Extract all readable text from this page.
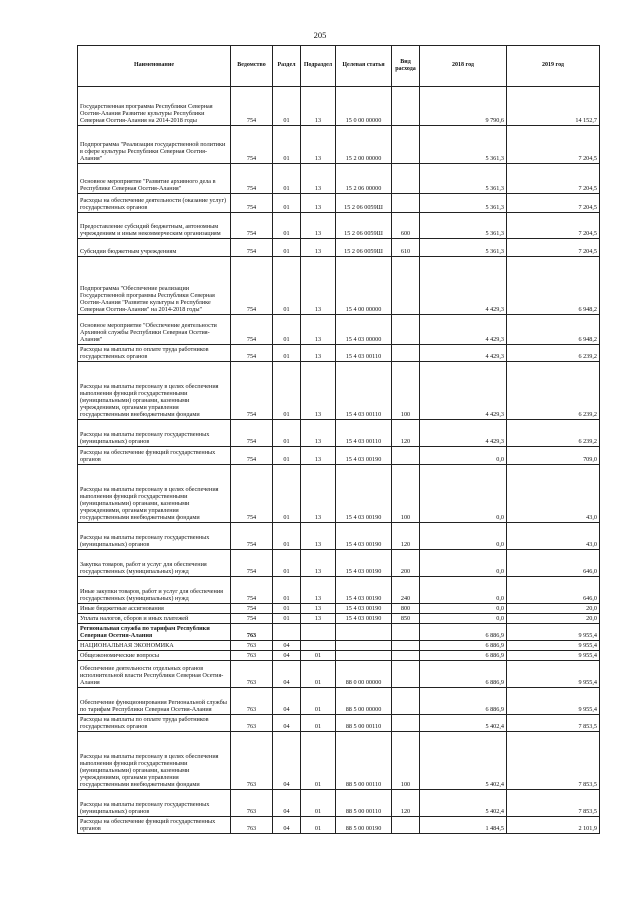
205
Наименование	Ведомство	Раздел	Подраздел	Целевая статья	Вид расхода	2018 год	2019 год
Государственная программа Республики Северная Осетия-Алания Развитие культуры Республики Северная Осетия-Алания на 2014-2018 годы	754	01	13	15 0 00 00000		9 790,6	14 152,7
Подпрограмма "Реализация государственной политики в сфере культуры Республики Северная Осетия-Алания"	754	01	13	15 2 00 00000		5 361,3	7 204,5
Основное мероприятие "Развитие архивного дела в Республике Северная Осетия-Алания"	754	01	13	15 2 06 00000		5 361,3	7 204,5
Расходы на обеспечение деятельности (оказание услуг) государственных органов	754	01	13	15 2 06 0059Ш		5 361,3	7 204,5
Предоставление субсидий бюджетным, автономным учреждениям и иным некоммерческим организациям	754	01	13	15 2 06 0059Ш	600	5 361,3	7 204,5
Субсидии бюджетным учреждениям	754	01	13	15 2 06 0059Ш	610	5 361,3	7 204,5
Подпрограмма "Обеспечение реализации Государственной программы Республики Северная Осетия-Алания "Развитие культуры в Республике Северная Осетия-Алания" на 2014-2018 годы"	754	01	13	15 4 00 00000		4 429,3	6 948,2
Основное мероприятие "Обеспечение деятельности Архивной службы Республики Северная Осетия-Алания"	754	01	13	15 4 03 00000		4 429,3	6 948,2
Расходы на выплаты по оплате труда работников государственных органов	754	01	13	15 4 03 00110		4 429,3	6 239,2
Расходы на выплаты персоналу в целях обеспечения выполнения функций государственными (муниципальными) органами, казенными учреждениями, органами управления государственными внебюджетными фондами	754	01	13	15 4 03 00110	100	4 429,3	6 239,2
Расходы на выплаты персоналу государственных (муниципальных) органов	754	01	13	15 4 03 00110	120	4 429,3	6 239,2
Расходы на обеспечение функций государственных органов	754	01	13	15 4 03 00190		0,0	709,0
Расходы на выплаты персоналу в целях обеспечения выполнения функций государственными (муниципальными) органами, казенными учреждениями, органами управления государственными внебюджетными фондами	754	01	13	15 4 03 00190	100	0,0	43,0
Расходы на выплаты персоналу государственных (муниципальных) органов	754	01	13	15 4 03 00190	120	0,0	43,0
Закупка товаров, работ и услуг для обеспечения государственных (муниципальных) нужд	754	01	13	15 4 03 00190	200	0,0	646,0
Иные закупки товаров, работ и услуг для обеспечения государственных (муниципальных) нужд	754	01	13	15 4 03 00190	240	0,0	646,0
Иные бюджетные ассигнования	754	01	13	15 4 03 00190	800	0,0	20,0
Уплата налогов, сборов и иных платежей	754	01	13	15 4 03 00190	850	0,0	20,0
Региональная служба по тарифам Республики Северная Осетия-Алания	763					6 886,9	9 955,4
НАЦИОНАЛЬНАЯ ЭКОНОМИКА	763	04				6 886,9	9 955,4
Общеэкономические вопросы	763	04	01			6 886,9	9 955,4
Обеспечение деятельности отдельных органов исполнительной власти Республики Северная Осетия-Алания	763	04	01	88 0 00 00000		6 886,9	9 955,4
Обеспечение функционирования Региональной службы по тарифам Республики Северная Осетия-Алания	763	04	01	88 5 00 00000		6 886,9	9 955,4
Расходы на выплаты по оплате труда работников государственных органов	763	04	01	88 5 00 00110		5 402,4	7 853,5
Расходы на выплаты персоналу в целях обеспечения выполнения функций государственными (муниципальными) органами, казенными учреждениями, органами управления государственными внебюджетными фондами	763	04	01	88 5 00 00110	100	5 402,4	7 853,5
Расходы на выплаты персоналу государственных (муниципальных) органов	763	04	01	88 5 00 00110	120	5 402,4	7 853,5
Расходы на обеспечение функций государственных органов	763	04	01	88 5 00 00190		1 484,5	2 101,9
